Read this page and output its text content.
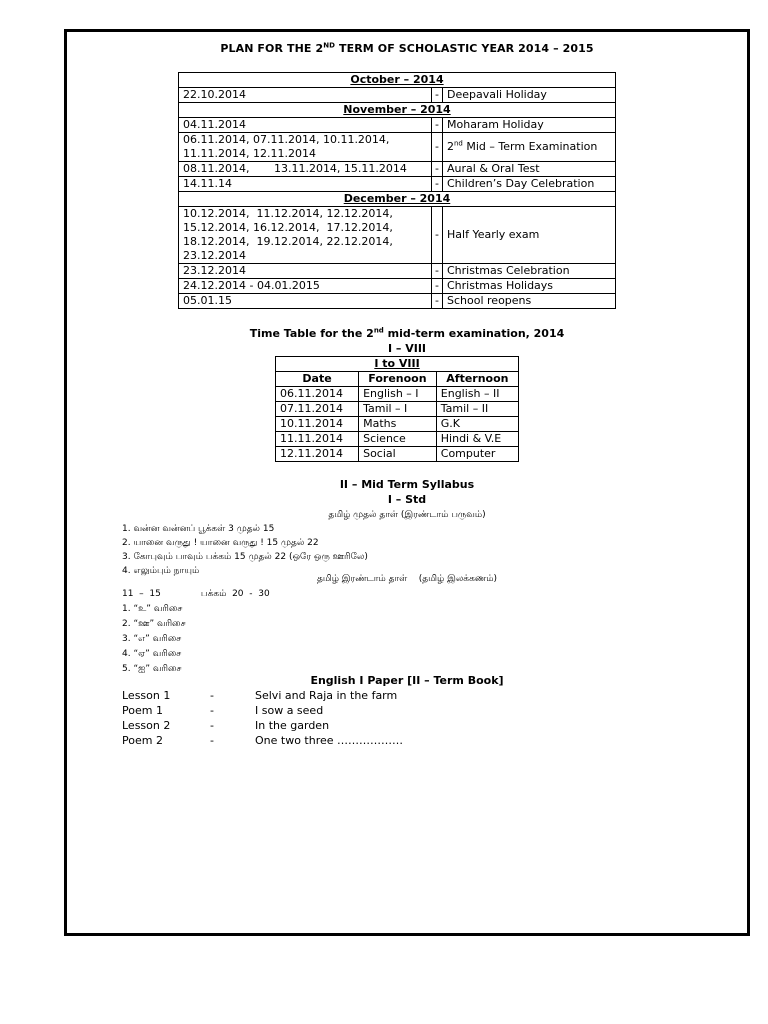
PLAN FOR THE 2ND TERM OF SCHOLASTIC YEAR 2014 – 2015
October – 2014		
22.10.2014	-	Deepavali Holiday
November – 2014		
04.11.2014	-	Moharam Holiday

06.11.2014, 07.11.2014, 10.11.2014,
11.11.2014, 12.11.2014	-	2nd Mid – Term Examination
08.11.2014,       13.11.2014, 15.11.2014	-	Aural & Oral Test
14.11.14	-	Children’s Day Celebration
December – 2014		

10.12.2014,  11.12.2014, 12.12.2014,
15.12.2014, 16.12.2014,  17.12.2014,
18.12.2014,  19.12.2014, 22.12.2014,
23.12.2014	-	Half Yearly exam
23.12.2014	-	Christmas Celebration
24.12.2014 - 04.01.2015	-	Christmas Holidays
05.01.15	-	School reopens
Time Table for the 2nd mid-term examination, 2014
I – VIII
I to VIII		
Date	Forenoon	Afternoon
06.11.2014	English – I	English – II
07.11.2014	Tamil – I	Tamil – II
10.11.2014	Maths	G.K
11.11.2014	Science	Hindi & V.E
12.11.2014	Social	Computer
II – Mid Term Syllabus
I – Std
தமிழ் முதல் தாள் (இரண்டாம் பருவம்)
1. வன்ன வன்னப் பூக்கள் 3 முதல் 15
2. யானை வருது ! யானை வருது ! 15 முதல் 22
3. கோபுவும் பாவும் பக்கம் 15 முதல் 22 (ஒரே ஒரு ஊரிலே)
4. எலும்பும் நாயும்
தமிழ் இரண்டாம் தாள்    (தமிழ் இலக்கணம்)
11  –  15              பக்கம்  20  -  30
1. “உ” வரிசை
2. “ஊ” வரிசை
3. “எ” வரிசை
4. “ஏ” வரிசை
5. “ஐ” வரிசை
English I Paper [II – Term Book]
Lesson 1	-	Selvi and Raja in the farm
Poem 1	-	I sow a seed
Lesson 2	-	In the garden
Poem 2	-	One two three ………………
